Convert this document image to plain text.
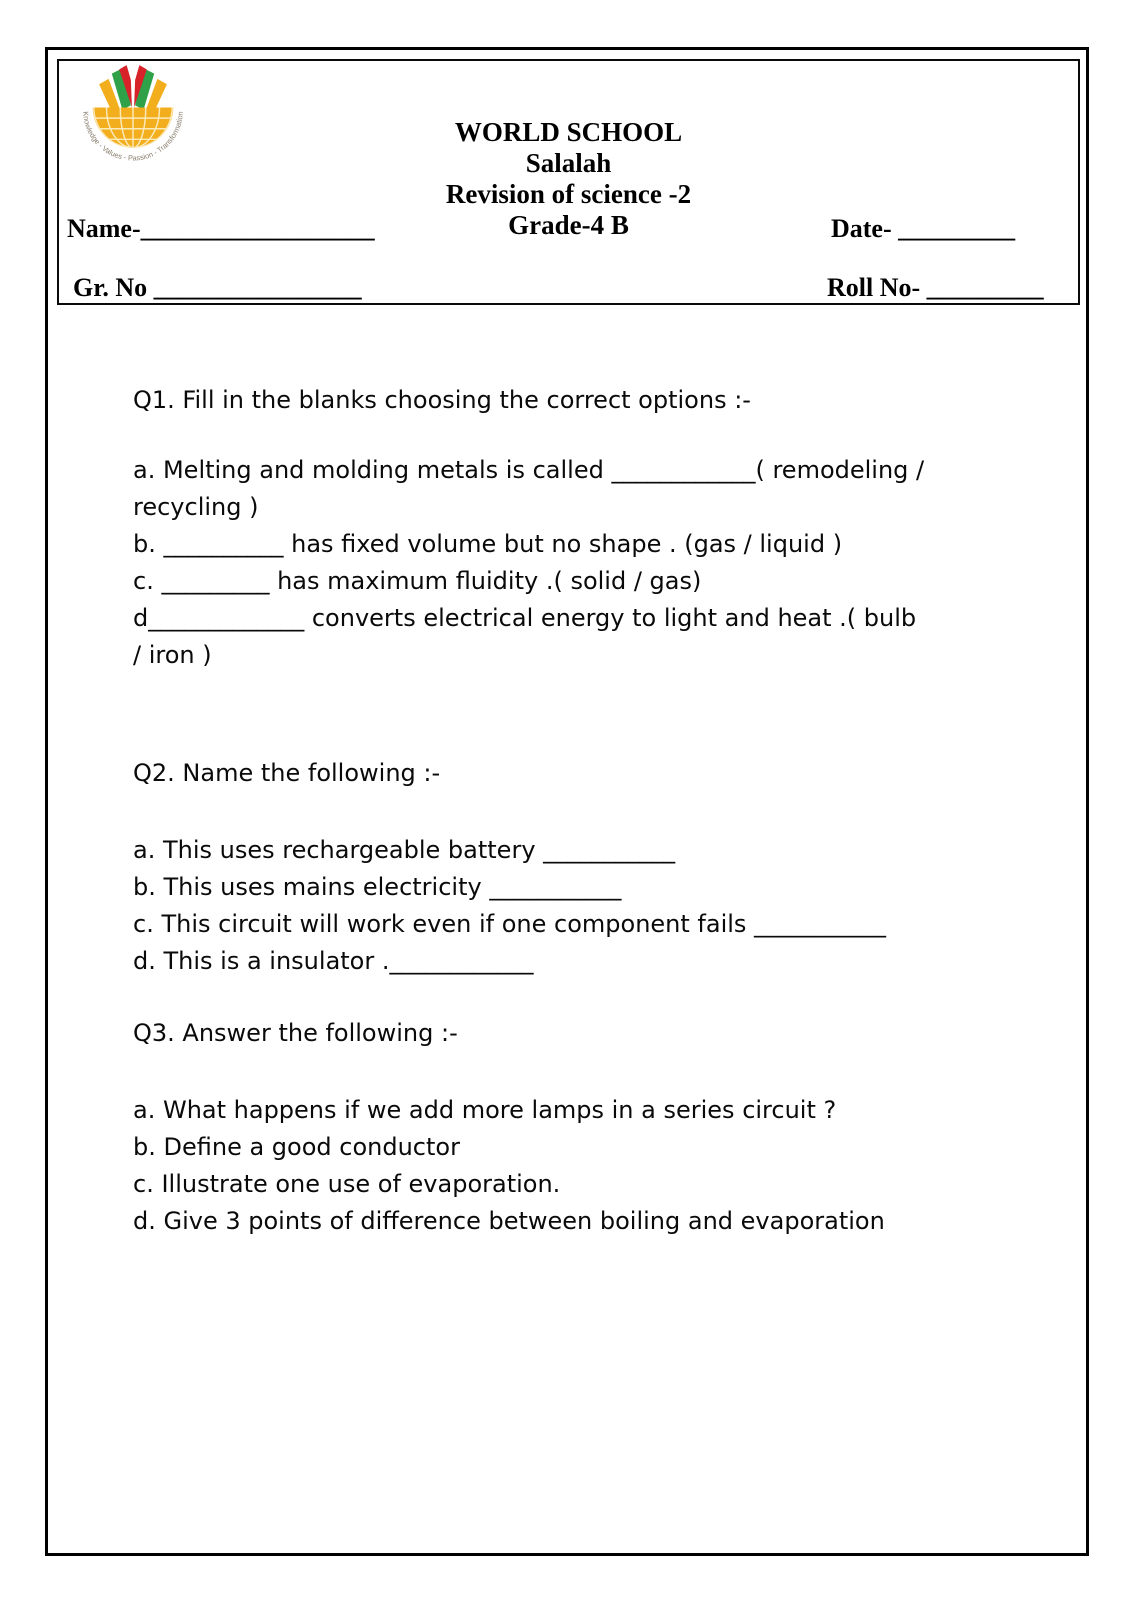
Knowledge - Values - Passion - Transformation
WORLD SCHOOL
Salalah
Revision of science -2
Grade-4 B
Name-__________________	Date- _________
Gr. No ________________	Roll No- _________
Q1. Fill in the blanks choosing the correct options :-
a. Melting and molding metals is called ____________( remodeling /
recycling )
b. __________ has fixed volume but no shape . (gas / liquid )
c. _________ has maximum fluidity .( solid / gas)
d_____________ converts electrical energy to light and heat .( bulb
/ iron )
Q2. Name the following :-
a. This uses rechargeable battery ___________
b. This uses mains electricity ___________
c. This circuit will work even if one component fails ___________
d. This is a insulator .____________
Q3. Answer the following :-
a. What happens if we add more lamps in a series circuit ?
b. Define a good conductor
c. Illustrate one use of evaporation.
d. Give 3 points of difference between boiling and evaporation
